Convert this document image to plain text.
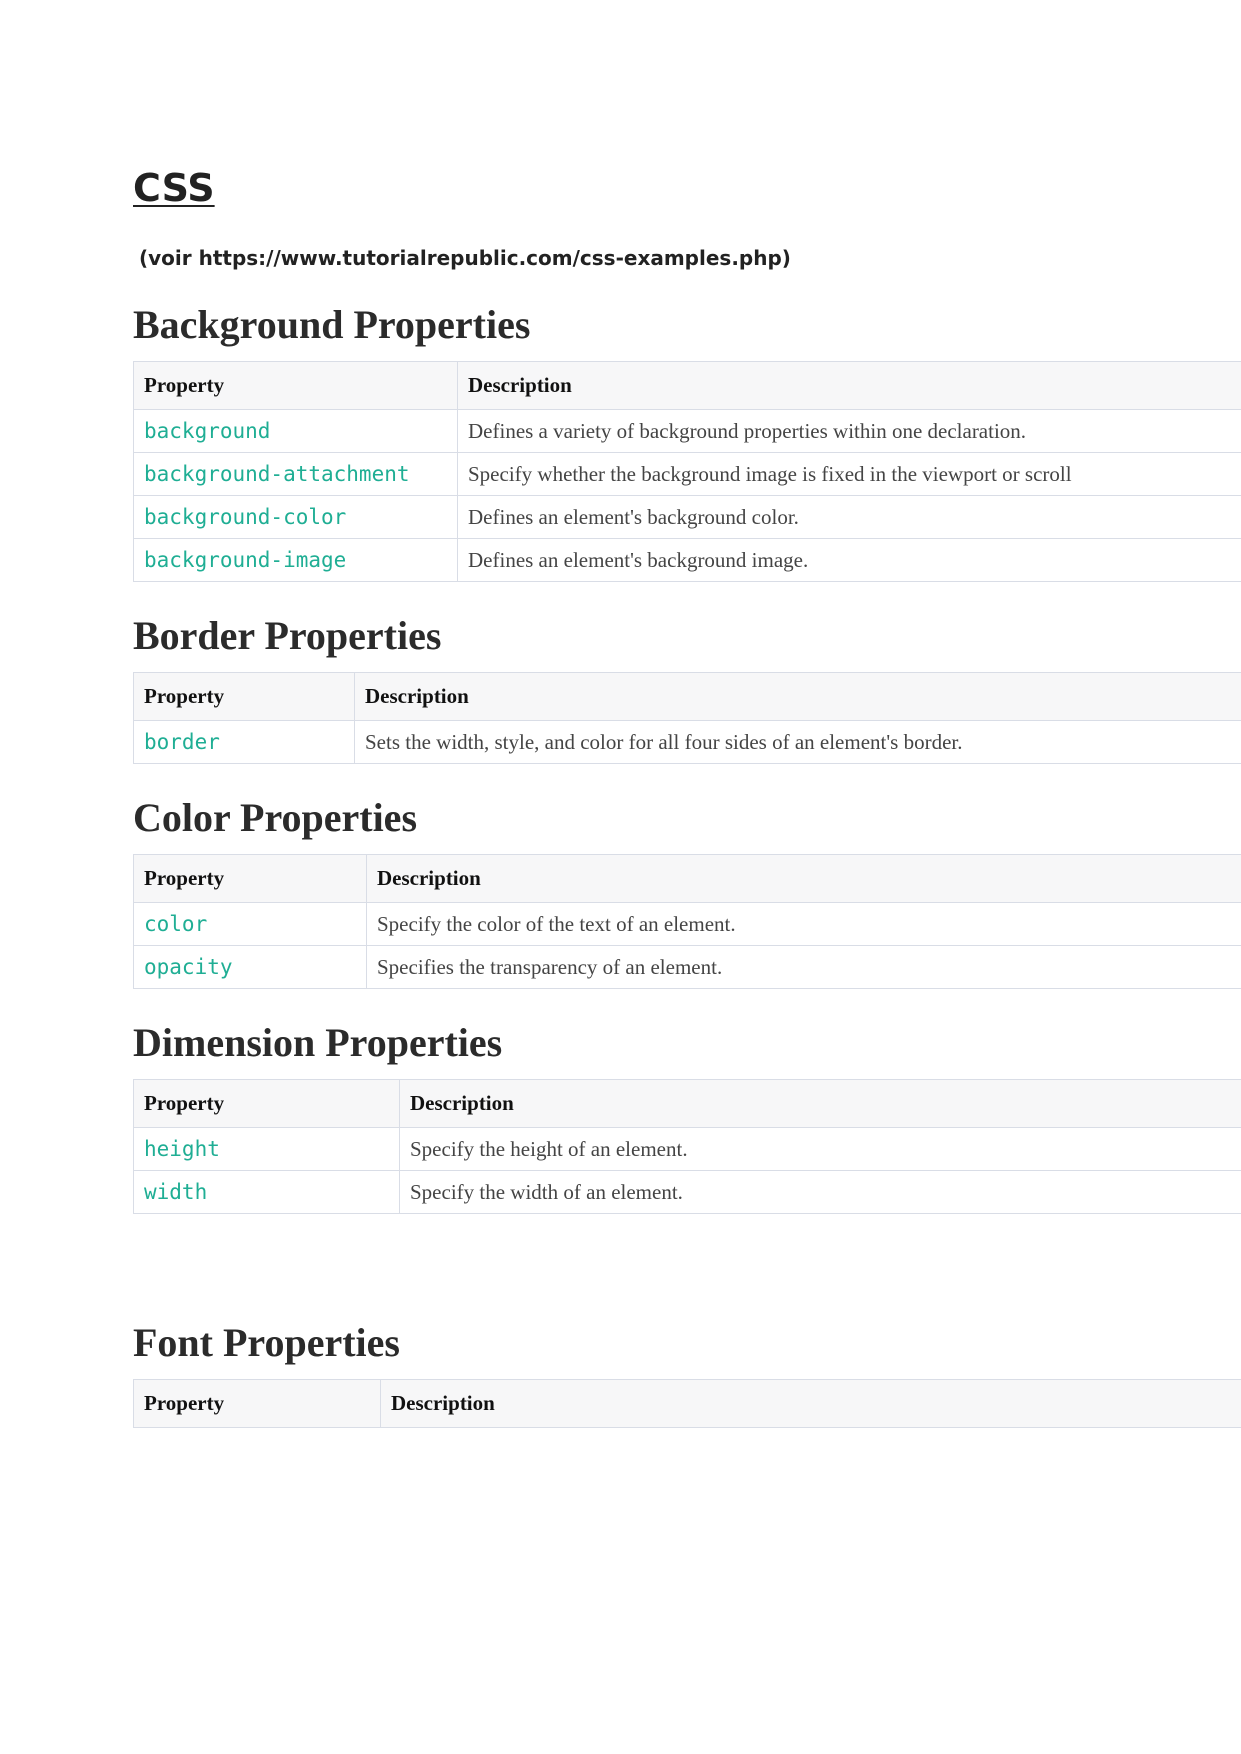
CSS

(voir https://www.tutorialrepublic.com/css-examples.php)

Background Properties
Property	Description
background	Defines a variety of background properties within one declaration.
background-attachment	Specify whether the background image is fixed in the viewport or scroll
background-color	Defines an element's background color.
background-image	Defines an element's background image.
Border Properties
Property	Description
border	Sets the width, style, and color for all four sides of an element's border.
Color Properties
Property	Description
color	Specify the color of the text of an element.
opacity	Specifies the transparency of an element.
Dimension Properties
Property	Description
height	Specify the height of an element.
width	Specify the width of an element.
Font Properties
Property	Description
